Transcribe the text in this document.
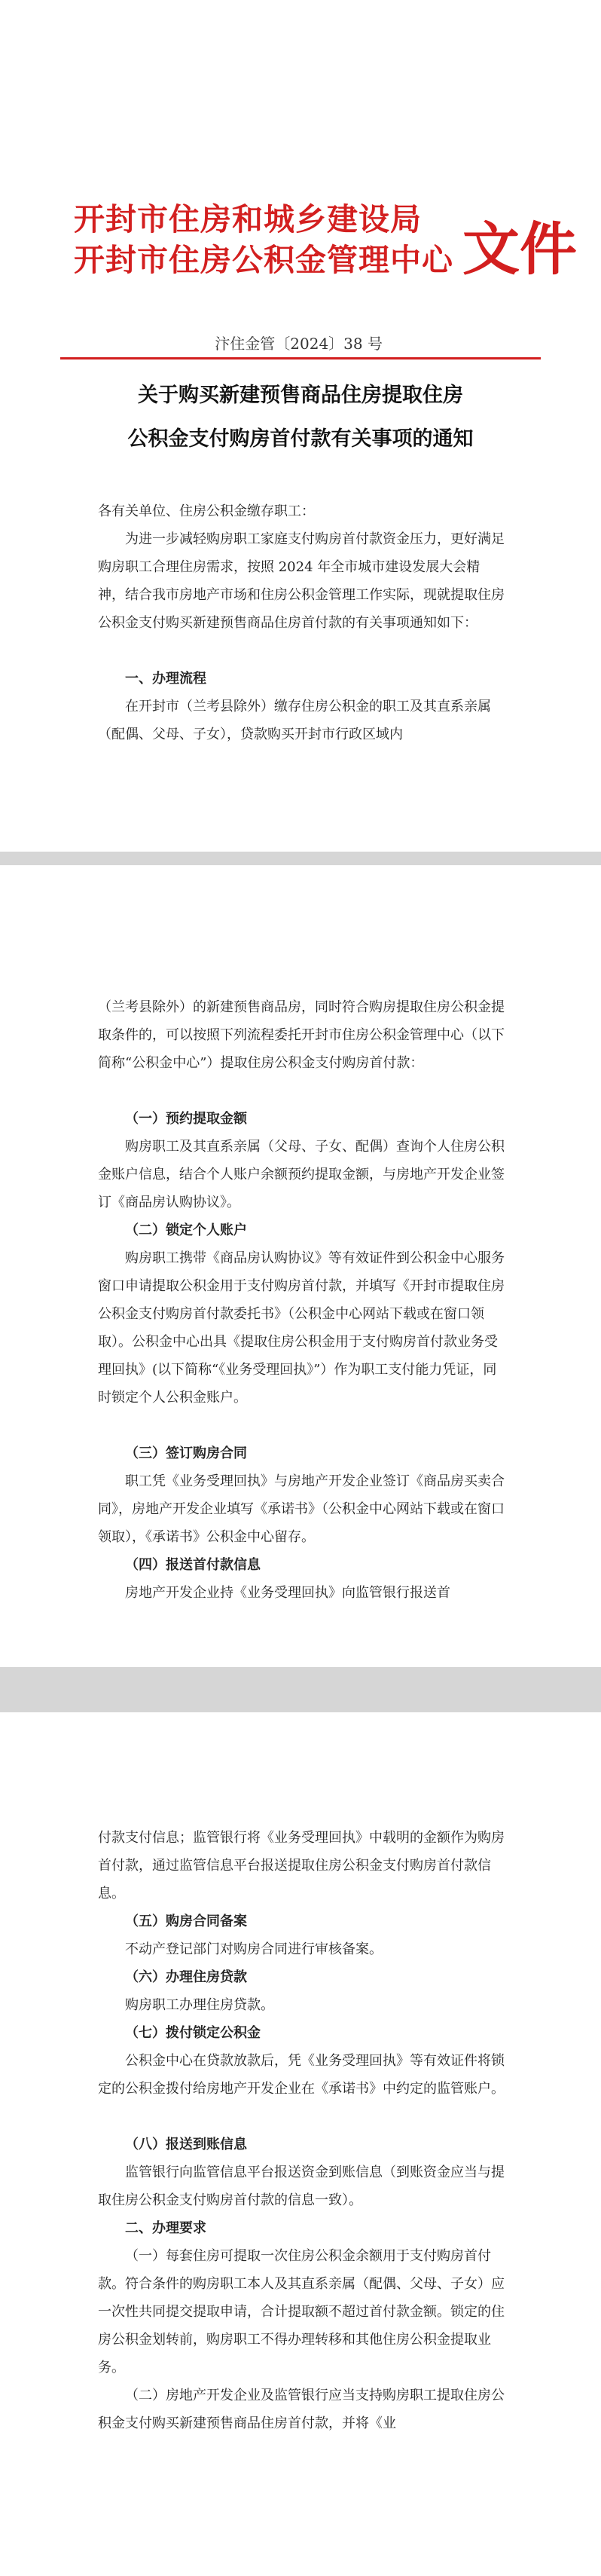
开封市住房和城乡建设局
开封市住房公积金管理中心 文件
汴住金管〔2024〕38 号
关于购买新建预售商品住房提取住房
公积金支付购房首付款有关事项的通知

各有关单位、住房公积金缴存职工：

为进一步减轻购房职工家庭支付购房首付款资金压力，更好满足购房职工合理住房需求，按照 2024 年全市城市建设发展大会精神，结合我市房地产市场和住房公积金管理工作实际，现就提取住房公积金支付购买新建预售商品住房首付款的有关事项通知如下：

一、办理流程

在开封市（兰考县除外）缴存住房公积金的职工及其直系亲属（配偶、父母、子女），贷款购买开封市行政区域内

（兰考县除外）的新建预售商品房，同时符合购房提取住房公积金提取条件的，可以按照下列流程委托开封市住房公积金管理中心（以下简称“公积金中心”）提取住房公积金支付购房首付款：

（一）预约提取金额

购房职工及其直系亲属（父母、子女、配偶）查询个人住房公积金账户信息，结合个人账户余额预约提取金额，与房地产开发企业签订《商品房认购协议》。

（二）锁定个人账户

购房职工携带《商品房认购协议》等有效证件到公积金中心服务窗口申请提取公积金用于支付购房首付款，并填写《开封市提取住房公积金支付购房首付款委托书》（公积金中心网站下载或在窗口领取）。公积金中心出具《提取住房公积金用于支付购房首付款业务受理回执》(以下简称“《业务受理回执》”）作为职工支付能力凭证，同时锁定个人公积金账户。

（三）签订购房合同

职工凭《业务受理回执》与房地产开发企业签订《商品房买卖合同》，房地产开发企业填写《承诺书》（公积金中心网站下载或在窗口领取），《承诺书》公积金中心留存。

（四）报送首付款信息

房地产开发企业持《业务受理回执》向监管银行报送首

付款支付信息；监管银行将《业务受理回执》中载明的金额作为购房首付款，通过监管信息平台报送提取住房公积金支付购房首付款信息。

（五）购房合同备案

不动产登记部门对购房合同进行审核备案。

（六）办理住房贷款

购房职工办理住房贷款。

（七）拨付锁定公积金

公积金中心在贷款放款后，凭《业务受理回执》等有效证件将锁定的公积金拨付给房地产开发企业在《承诺书》中约定的监管账户。

（八）报送到账信息

监管银行向监管信息平台报送资金到账信息（到账资金应当与提取住房公积金支付购房首付款的信息一致）。

二、办理要求

（一）每套住房可提取一次住房公积金余额用于支付购房首付款。符合条件的购房职工本人及其直系亲属（配偶、父母、子女）应一次性共同提交提取申请，合计提取额不超过首付款金额。锁定的住房公积金划转前，购房职工不得办理转移和其他住房公积金提取业务。

（二）房地产开发企业及监管银行应当支持购房职工提取住房公积金支付购买新建预售商品住房首付款，并将《业
